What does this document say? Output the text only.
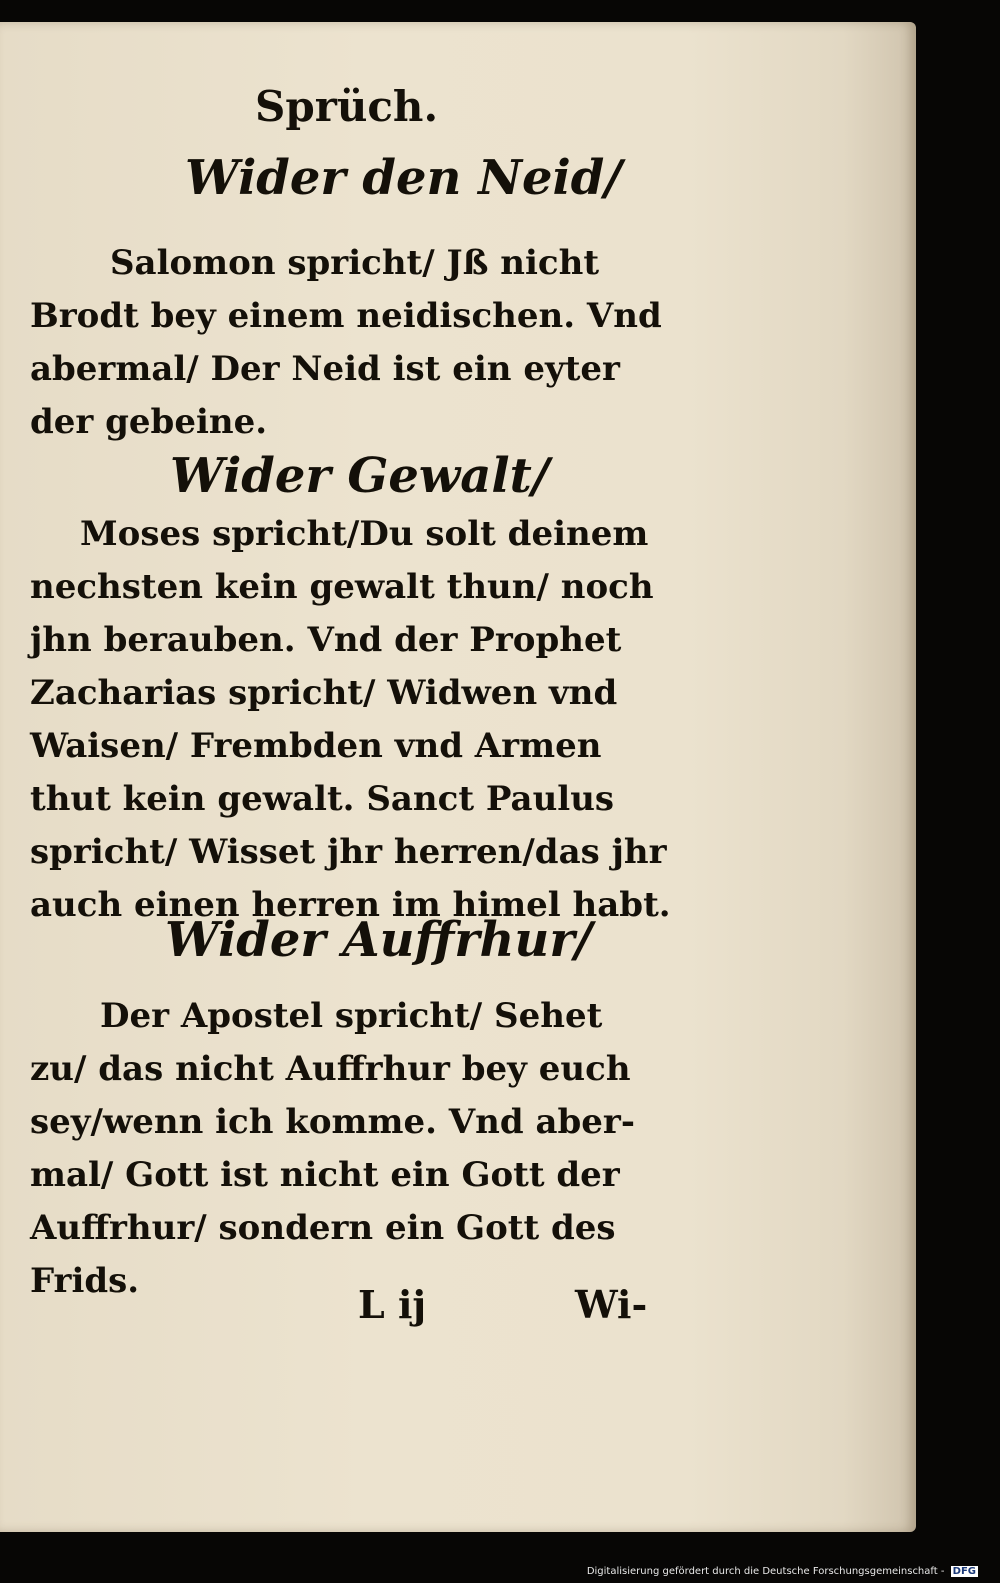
Sprüch.
Wider den Neid/
Salomon spricht/ Jß nicht
Brodt bey einem neidischen. Vnd
abermal/ Der Neid ist ein eyter
der gebeine.
Wider Gewalt/
Moses spricht/Du solt deinem
nechsten kein gewalt thun/ noch
jhn berauben. Vnd der Prophet
Zacharias spricht/ Widwen vnd
Waisen/ Frembden vnd Armen
thut kein gewalt. Sanct Paulus
spricht/ Wisset jhr herren/das jhr
auch einen herren im himel habt.
Wider Auffrhur/
Der Apostel spricht/ Sehet
zu/ das nicht Auffrhur bey euch
sey/wenn ich komme. Vnd aber-
mal/ Gott ist nicht ein Gott der
Auffrhur/ sondern ein Gott des
Frids.
L ij	Wi-
Digitalisierung gefördert durch die Deutsche Forschungsgemeinschaft - DFG
